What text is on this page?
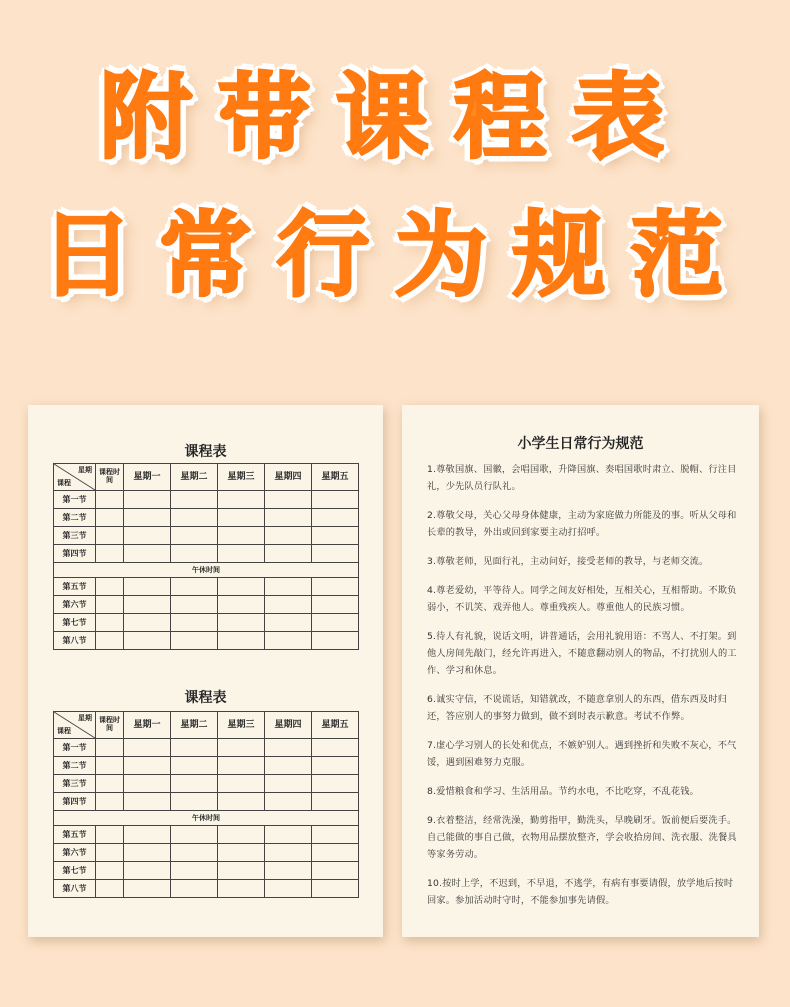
附带课程表
日常行为规范
课程表
星期
课程	课程时间	星期一	星期二	星期三	星期四	星期五
第一节						
第二节						
第三节						
第四节						
午休时间						
第五节						
第六节						
第七节						
第八节						
课程表
星期
课程	课程时间	星期一	星期二	星期三	星期四	星期五
第一节						
第二节						
第三节						
第四节						
午休时间						
第五节						
第六节						
第七节						
第八节						
小学生日常行为规范

1.尊敬国旗、国徽，会唱国歌，升降国旗、奏唱国歌时肃立、脱帽、行注目礼，少先队员行队礼。

2.尊敬父母，关心父母身体健康，主动为家庭做力所能及的事。听从父母和长辈的教导，外出或回到家要主动打招呼。

3.尊敬老师，见面行礼，主动问好，接受老师的教导，与老师交流。

4.尊老爱幼，平等待人。同学之间友好相处，互相关心，互相帮助。不欺负弱小，不讥笑、戏弄他人。尊重残疾人。尊重他人的民族习惯。

5.待人有礼貌，说话文明，讲普通话，会用礼貌用语：不骂人、不打架。到他人房间先敲门，经允许再进入，不随意翻动别人的物品，不打扰别人的工作、学习和休息。

6.诚实守信，不说谎话，知错就改，不随意拿别人的东西，借东西及时归还，答应别人的事努力做到，做不到时表示歉意。考试不作弊。

7.虚心学习别人的长处和优点，不嫉妒别人。遇到挫折和失败不灰心，不气馁，遇到困难努力克服。

8.爱惜粮食和学习、生活用品。节约水电，不比吃穿，不乱花钱。

9.衣着整洁，经常洗澡，勤剪指甲，勤洗头，早晚刷牙。饭前便后要洗手。自己能做的事自己做，衣物用品摆放整齐，学会收拾房间、洗衣服、洗餐具等家务劳动。

10.按时上学，不迟到，不早退，不逃学，有病有事要请假，放学地后按时回家。参加活动时守时，不能参加事先请假。
